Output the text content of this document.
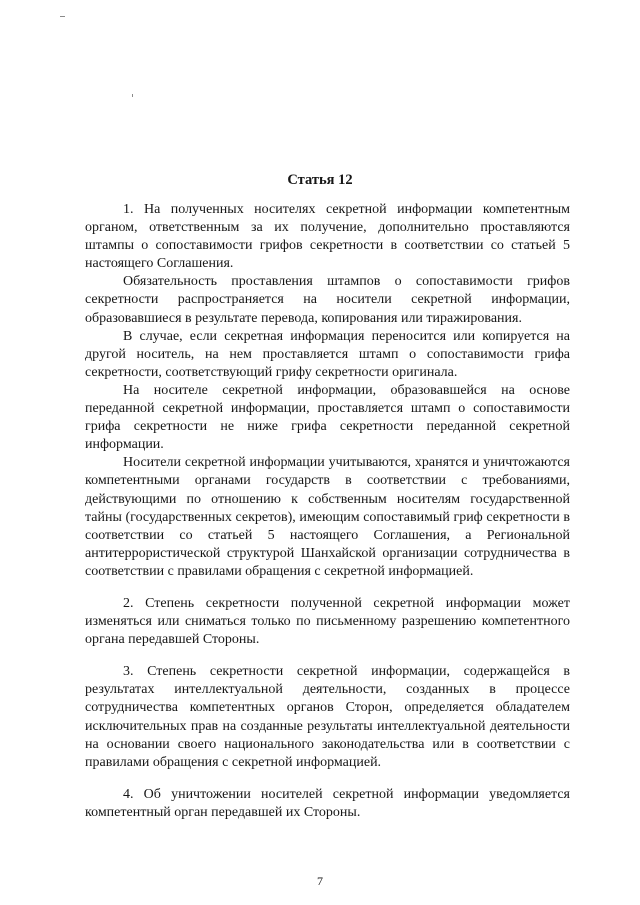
Статья 12

1. На полученных носителях секретной информации компетентным органом, ответственным за их получение, дополнительно проставляются штампы о сопоставимости грифов секретности в соответствии со статьей 5 настоящего Соглашения.

Обязательность проставления штампов о сопоставимости грифов секретности распространяется на носители секретной информации, образовавшиеся в результате перевода, копирования или тиражирования.

В случае, если секретная информация переносится или копируется на другой носитель, на нем проставляется штамп о сопоставимости грифа секретности, соответствующий грифу секретности оригинала.

На носителе секретной информации, образовавшейся на основе переданной секретной информации, проставляется штамп о сопоставимости грифа секретности не ниже грифа секретности переданной секретной информации.

Носители секретной информации учитываются, хранятся и уничтожаются компетентными органами государств в соответствии с требованиями, действующими по отношению к собственным носителям государственной тайны (государственных секретов), имеющим сопоставимый гриф секретности в соответствии со статьей 5 настоящего Соглашения, а Региональной антитеррористической структурой Шанхайской организации сотрудничества в соответствии с правилами обращения с секретной информацией.

2. Степень секретности полученной секретной информации может изменяться или сниматься только по письменному разрешению компетентного органа передавшей Стороны.

3. Степень секретности секретной информации, содержащейся в результатах интеллектуальной деятельности, созданных в процессе сотрудничества компетентных органов Сторон, определяется обладателем исключительных прав на созданные результаты интеллектуальной деятельности на основании своего национального законодательства или в соответствии с правилами обращения с секретной информацией.

4. Об уничтожении носителей секретной информации уведомляется компетентный орган передавшей их Стороны.

7
